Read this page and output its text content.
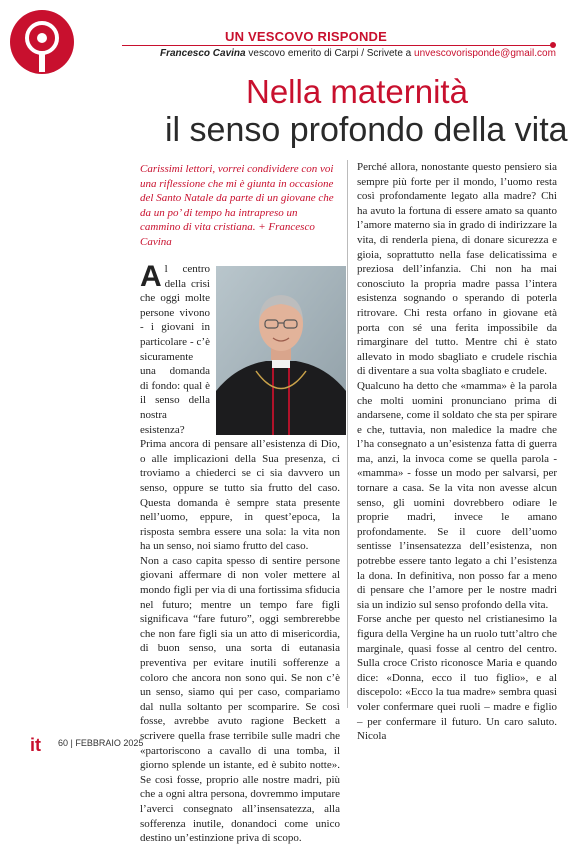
UN VESCOVO RISPONDE
Francesco Cavina vescovo emerito di Carpi / Scrivete a unvescovorisponde@gmail.com
Nella maternità
il senso profondo della vita

Carissimi lettori, vorrei condividere con voi una riflessione che mi è giunta in occasione del Santo Natale da parte di un giovane che da un po’ di tempo ha intrapreso un cammino di vita cristiana. + Francesco Cavina

Al centro della crisi che oggi molte persone vivono - i giovani in particolare - c’è sicuramente una domanda di fondo: qual è il senso della nostra esistenza? Prima ancora di pensare all’esistenza di Dio, o alle implicazioni della Sua presenza, ci troviamo a chiederci se ci sia davvero un senso, oppure se tutto sia frutto del caso. Questa domanda è sempre stata presente nell’uomo, eppure, in quest’epoca, la risposta sembra essere una sola: la vita non ha un senso, noi siamo frutto del caso.

Non a caso capita spesso di sentire persone giovani affermare di non voler mettere al mondo figli per via di una fortissima sfiducia nel futuro; mentre un tempo fare figli significava “fare futuro”, oggi sembrerebbe che non fare figli sia un atto di misericordia, di buon senso, una sorta di eutanasia preventiva per evitare inutili sofferenze a coloro che ancora non sono qui. Se non c’è un senso, siamo qui per caso, compariamo dal nulla soltanto per scomparire. Se così fosse, avrebbe avuto ragione Beckett a scrivere quella frase terribile sulle madri che «partoriscono a cavallo di una tomba, il giorno splende un istante, ed è subito notte». Se così fosse, proprio alle nostre madri, più che a ogni altra persona, dovremmo imputare l’averci consegnato all’insensatezza, alla sofferenza inutile, donandoci come unico destino un’estinzione priva di scopo.

Perché allora, nonostante questo pensiero sia sempre più forte per il mondo, l’uomo resta così profondamente legato alla madre? Chi ha avuto la fortuna di essere amato sa quanto l’amore materno sia in grado di indirizzare la vita, di renderla piena, di donare sicurezza e gioia, soprattutto nella fase delicatissima e preziosa dell’infanzia. Chi non ha mai conosciuto la propria madre passa l’intera esistenza sognando o sperando di poterla ritrovare. Chi resta orfano in giovane età porta con sé una ferita impossibile da rimarginare del tutto. Mentre chi è stato allevato in modo sbagliato e crudele rischia di diventare a sua volta sbagliato e crudele.

Qualcuno ha detto che «mamma» è la parola che molti uomini pronunciano prima di andarsene, come il soldato che sta per spirare e che, tuttavia, non maledice la madre che l’ha consegnato a un’esistenza fatta di guerra ma, anzi, la invoca come se quella parola - «mamma» - fosse un modo per salvarsi, per tornare a casa. Se la vita non avesse alcun senso, gli uomini dovrebbero odiare le proprie madri, invece le amano profondamente. Se il cuore dell’uomo sentisse l’insensatezza dell’esistenza, non potrebbe essere tanto legato a chi l’esistenza la dona. In definitiva, non posso far a meno di pensare che l’amore per le nostre madri sia un indizio sul senso profondo della vita.

Forse anche per questo nel cristianesimo la figura della Vergine ha un ruolo tutt’altro che marginale, quasi fosse al centro del centro. Sulla croce Cristo riconosce Maria e quando dice: «Donna, ecco il tuo figlio», e al discepolo: «Ecco la tua madre» sembra quasi voler confermare quei ruoli – madre e figlio – per confermare il futuro. Un caro saluto. Nicola

it 60 | FEBBRAIO 2025
